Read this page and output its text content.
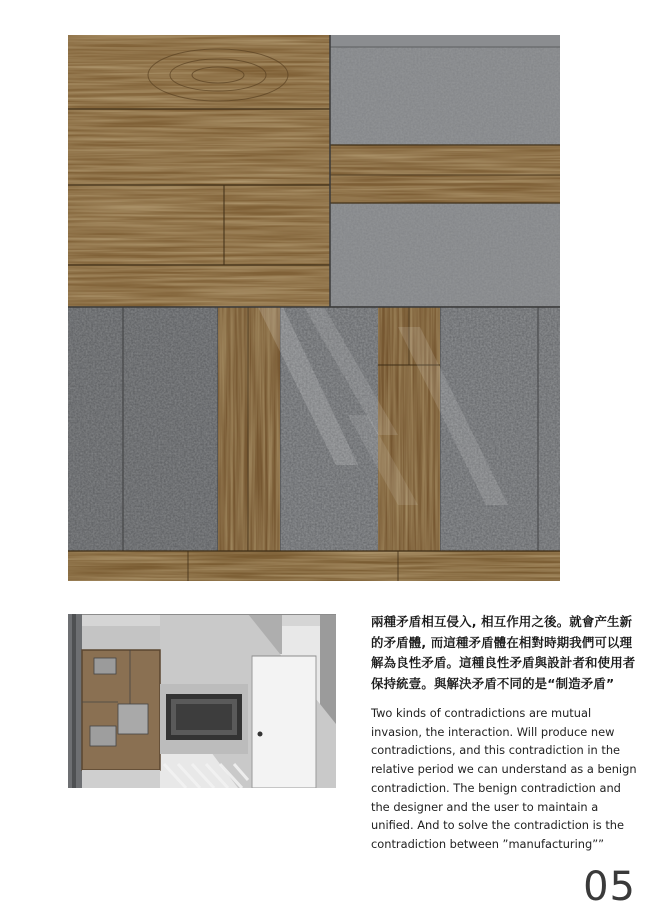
兩種矛盾相互侵入, 相互作用之後。就會产生新的矛盾體, 而這種矛盾體在相對時期我們可以理解為良性矛盾。這種良性矛盾與設計者和使用者保持統壹。與解決矛盾不同的是“制造矛盾”

Two kinds of contradictions are mutual invasion, the interaction. Will produce new contradictions, and this contradiction in the relative period we can understand as a benign contradiction. The benign contradiction and the designer and the user to maintain a unified. And to solve the contradiction is the contradiction between ”manufacturing””

05
